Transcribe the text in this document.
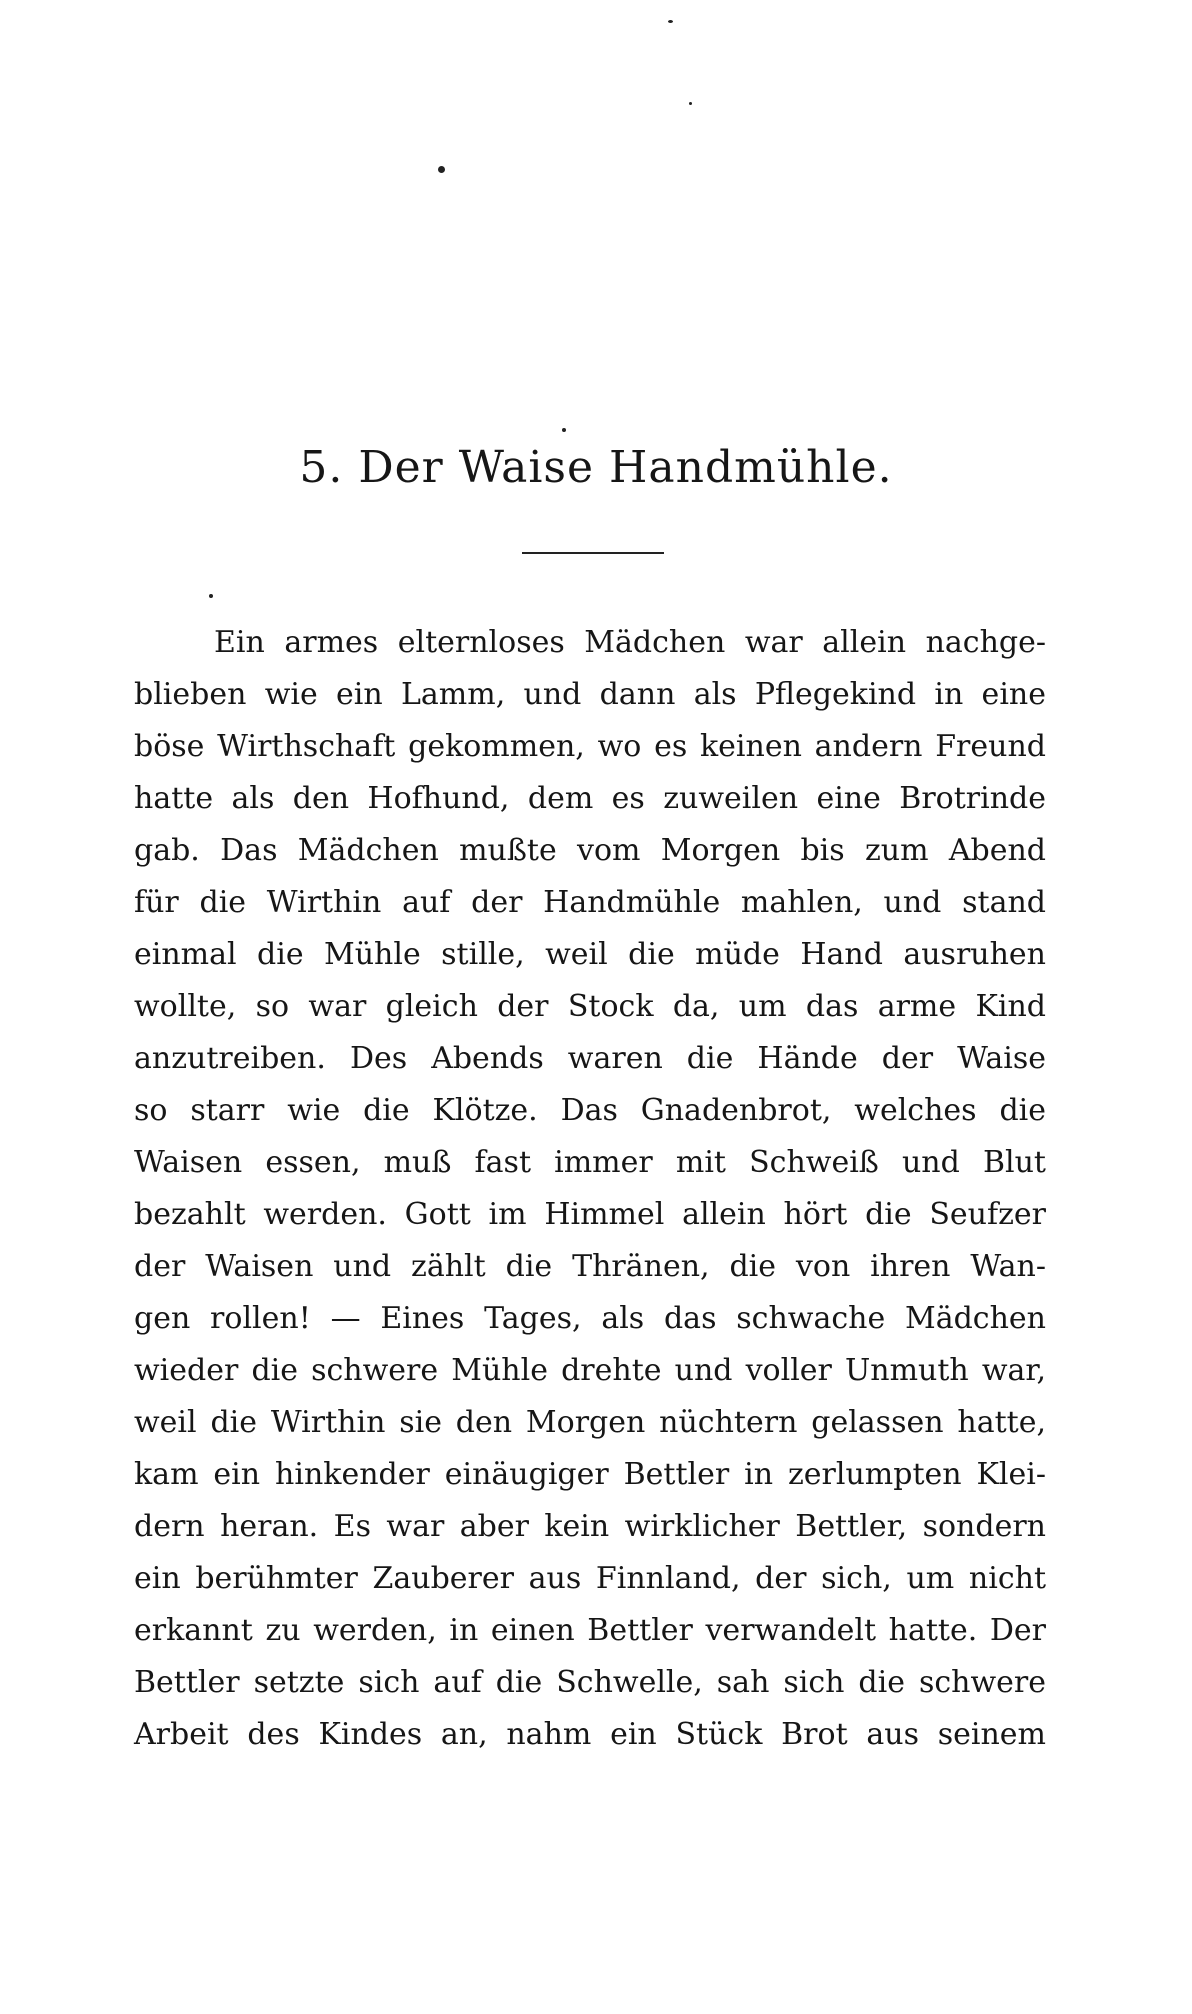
5. Der Waise Handmühle.
Ein armes elternloses Mädchen war allein nachge-
blieben wie ein Lamm, und dann als Pflegekind in eine
böse Wirthschaft gekommen, wo es keinen andern Freund
hatte als den Hofhund, dem es zuweilen eine Brotrinde
gab. Das Mädchen mußte vom Morgen bis zum Abend
für die Wirthin auf der Handmühle mahlen, und stand
einmal die Mühle stille, weil die müde Hand ausruhen
wollte, so war gleich der Stock da, um das arme Kind
anzutreiben. Des Abends waren die Hände der Waise
so starr wie die Klötze. Das Gnadenbrot, welches die
Waisen essen, muß fast immer mit Schweiß und Blut
bezahlt werden. Gott im Himmel allein hört die Seufzer
der Waisen und zählt die Thränen, die von ihren Wan-
gen rollen! — Eines Tages, als das schwache Mädchen
wieder die schwere Mühle drehte und voller Unmuth war,
weil die Wirthin sie den Morgen nüchtern gelassen hatte,
kam ein hinkender einäugiger Bettler in zerlumpten Klei-
dern heran. Es war aber kein wirklicher Bettler, sondern
ein berühmter Zauberer aus Finnland, der sich, um nicht
erkannt zu werden, in einen Bettler verwandelt hatte. Der
Bettler setzte sich auf die Schwelle, sah sich die schwere
Arbeit des Kindes an, nahm ein Stück Brot aus seinem
